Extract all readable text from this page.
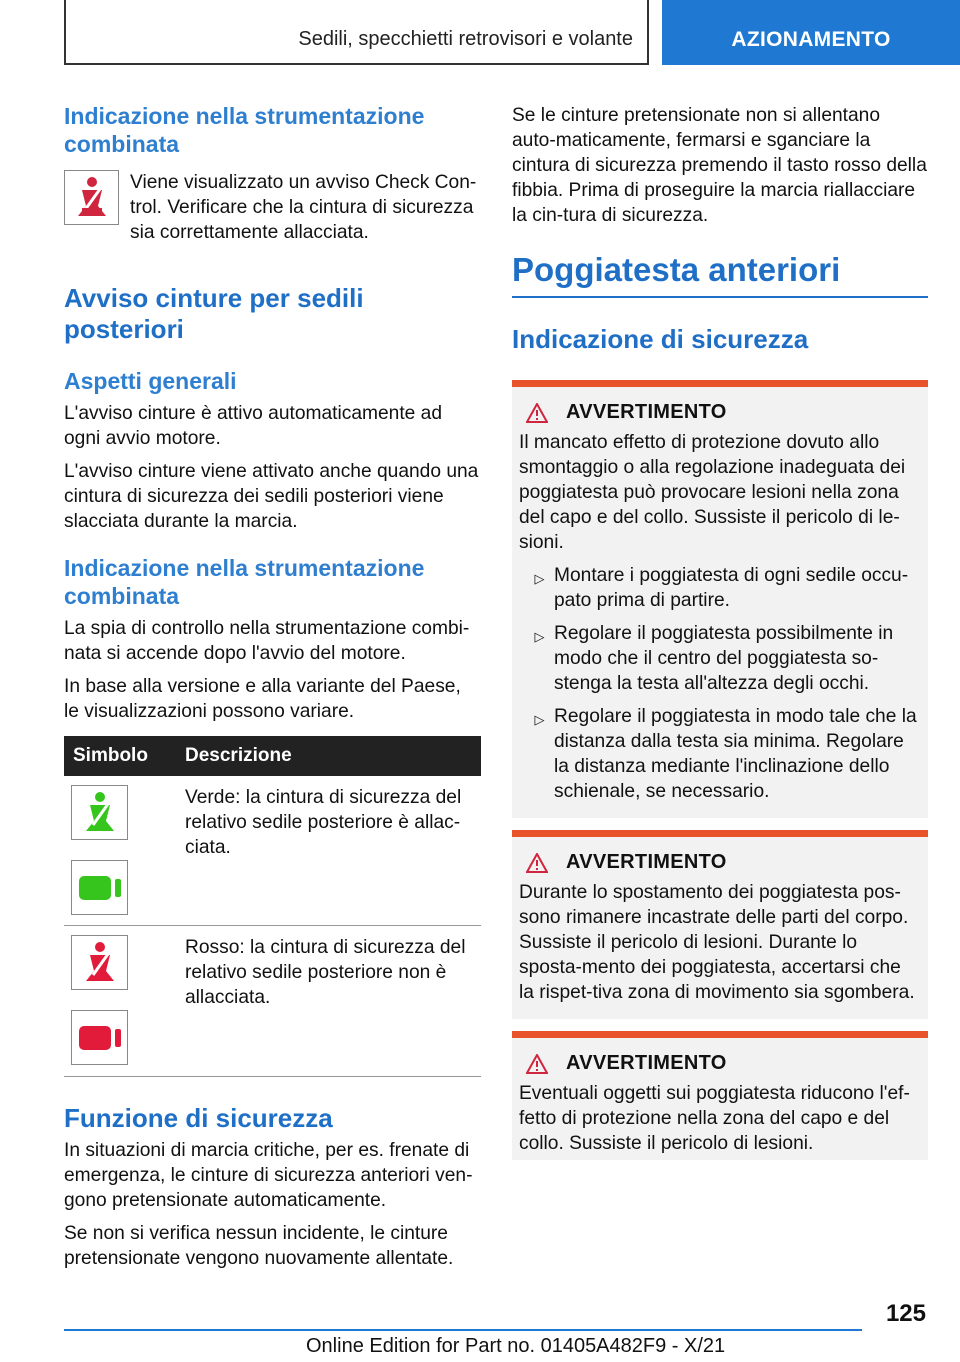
Sedili, specchietti retrovisori e volante	AZIONAMENTO
Indicazione nella strumentazione combinata
Viene visualizzato un avviso Check Con-trol. Verificare che la cintura di sicurezza sia correttamente allacciata.
Avviso cinture per sedili posteriori
Aspetti generali
L'avviso cinture è attivo automaticamente ad ogni avvio motore.
L'avviso cinture viene attivato anche quando una cintura di sicurezza dei sedili posteriori viene slacciata durante la marcia.
Indicazione nella strumentazione combinata
La spia di controllo nella strumentazione combi-nata si accende dopo l'avvio del motore.
In base alla versione e alla variante del Paese, le visualizzazioni possono variare.
Simbolo	Descrizione
Verde: la cintura di sicurezza del relativo sedile posteriore è allac-ciata.
Rosso: la cintura di sicurezza del relativo sedile posteriore non è allacciata.
Funzione di sicurezza
In situazioni di marcia critiche, per es. frenate di emergenza, le cinture di sicurezza anteriori ven-gono pretensionate automaticamente.
Se non si verifica nessun incidente, le cinture pretensionate vengono nuovamente allentate.
Se le cinture pretensionate non si allentano auto-maticamente, fermarsi e sganciare la cintura di sicurezza premendo il tasto rosso della fibbia. Prima di proseguire la marcia riallacciare la cin-tura di sicurezza.
Poggiatesta anteriori
Indicazione di sicurezza
AVVERTIMENTO
Il mancato effetto di protezione dovuto allo smontaggio o alla regolazione inadeguata dei poggiatesta può provocare lesioni nella zona del capo e del collo. Sussiste il pericolo di le-sioni.
▷ Montare i poggiatesta di ogni sedile occu-pato prima di partire.
▷ Regolare il poggiatesta possibilmente in modo che il centro del poggiatesta so-stenga la testa all'altezza degli occhi.
▷ Regolare il poggiatesta in modo tale che la distanza dalla testa sia minima. Regolare la distanza mediante l'inclinazione dello schienale, se necessario.
AVVERTIMENTO
Durante lo spostamento dei poggiatesta pos-sono rimanere incastrate delle parti del corpo. Sussiste il pericolo di lesioni. Durante lo sposta-mento dei poggiatesta, accertarsi che la rispet-tiva zona di movimento sia sgombera.
AVVERTIMENTO
Eventuali oggetti sui poggiatesta riducono l'ef-fetto di protezione nella zona del capo e del collo. Sussiste il pericolo di lesioni.
125
Online Edition for Part no. 01405A482F9 - X/21
